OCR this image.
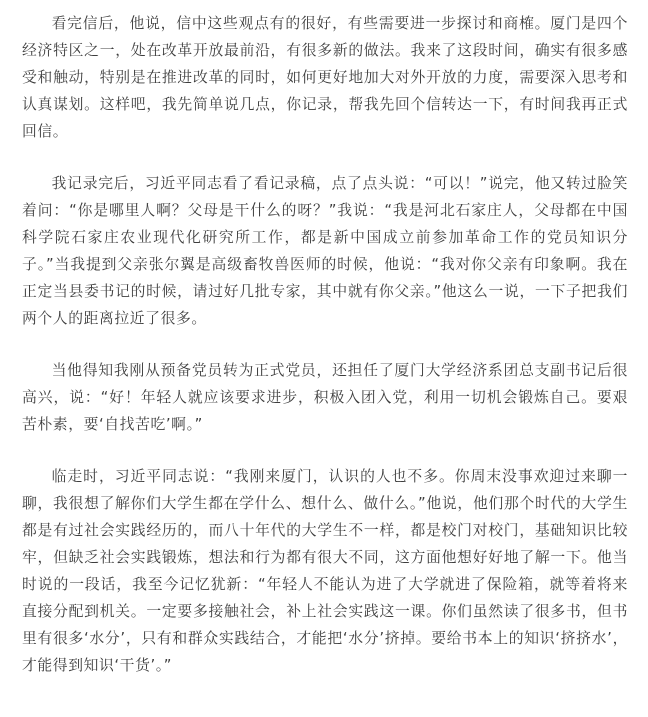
看完信后，他说，信中这些观点有的很好，有些需要进一步探讨和商榷。厦门是四个经济特区之一，处在改革开放最前沿，有很多新的做法。我来了这段时间，确实有很多感受和触动，特别是在推进改革的同时，如何更好地加大对外开放的力度，需要深入思考和认真谋划。这样吧，我先简单说几点，你记录，帮我先回个信转达一下，有时间我再正式回信。

我记录完后，习近平同志看了看记录稿，点了点头说：“可以！”说完，他又转过脸笑着问：“你是哪里人啊？父母是干什么的呀？”我说：“我是河北石家庄人，父母都在中国科学院石家庄农业现代化研究所工作，都是新中国成立前参加革命工作的党员知识分子。”当我提到父亲张尔翼是高级畜牧兽医师的时候，他说：“我对你父亲有印象啊。我在正定当县委书记的时候，请过好几批专家，其中就有你父亲。”他这么一说，一下子把我们两个人的距离拉近了很多。

当他得知我刚从预备党员转为正式党员，还担任了厦门大学经济系团总支副书记后很高兴，说：“好！年轻人就应该要求进步，积极入团入党，利用一切机会锻炼自己。要艰苦朴素，要‘自找苦吃’啊。”

临走时，习近平同志说：“我刚来厦门，认识的人也不多。你周末没事欢迎过来聊一聊，我很想了解你们大学生都在学什么、想什么、做什么。”他说，他们那个时代的大学生都是有过社会实践经历的，而八十年代的大学生不一样，都是校门对校门，基础知识比较牢，但缺乏社会实践锻炼，想法和行为都有很大不同，这方面他想好好地了解一下。他当时说的一段话，我至今记忆犹新：“年轻人不能认为进了大学就进了保险箱，就等着将来直接分配到机关。一定要多接触社会，补上社会实践这一课。你们虽然读了很多书，但书里有很多‘水分’，只有和群众实践结合，才能把‘水分’挤掉。要给书本上的知识‘挤挤水’，才能得到知识‘干货’。”
